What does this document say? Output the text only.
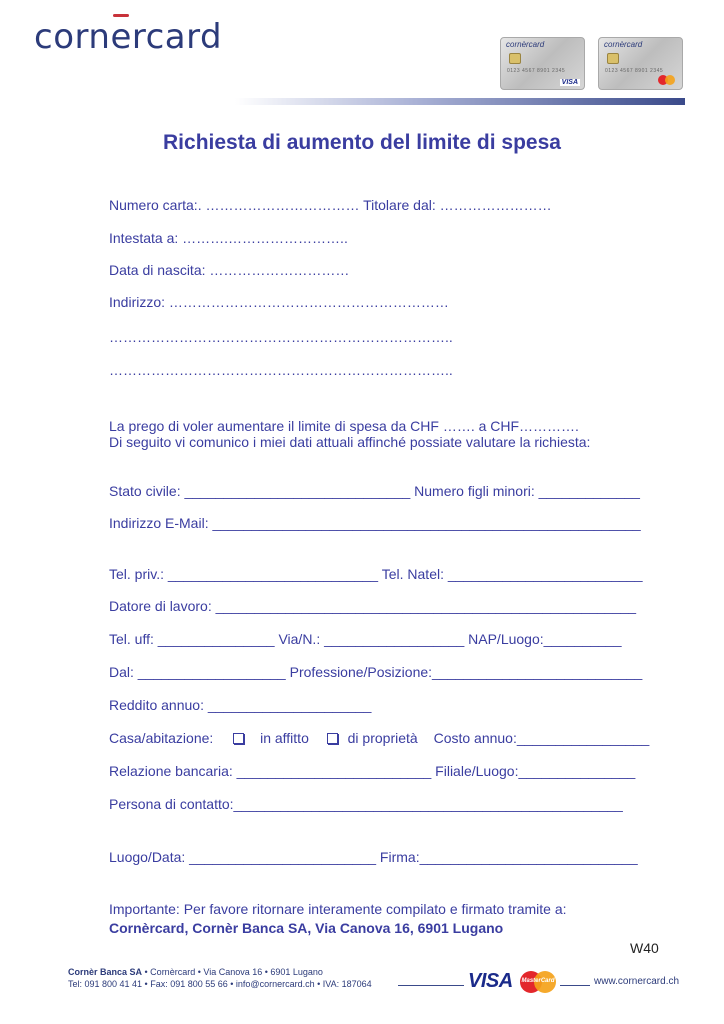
cornercard	cornèrcard
0123 4567 8901 2345
VISA
cornèrcard
0123 4567 8901 2345
Richiesta di aumento del limite di spesa
Numero carta:. …………………………… Titolare dal: ……………………
Intestata a: ……….……………………..
Data di nascita: …………………………
Indirizzo: ……………………………………………………
………………………………………………………………..
………………………………………………………………..
La prego di voler aumentare il limite di spesa da CHF ……. a CHF………….
Di seguito vi comunico i miei dati attuali affinché possiate valutare la richiesta:
Stato civile: _____________________________ Numero figli minori: _____________
Indirizzo E-Mail: _______________________________________________________
Tel. priv.: ___________________________ Tel. Natel: _________________________
Datore di lavoro: ______________________________________________________
Tel. uff: _______________ Via/N.: __________________ NAP/Luogo:__________
Dal: ___________________ Professione/Posizione:___________________________
Reddito annuo: _____________________
Casa/abitazione:	in affitto	di proprietà Costo annuo:_________________
Relazione bancaria: _________________________ Filiale/Luogo:_______________
Persona di contatto:__________________________________________________
Luogo/Data: ________________________ Firma:____________________________
Importante: Per favore ritornare interamente compilato e firmato tramite a:
Cornèrcard, Cornèr Banca SA, Via Canova 16, 6901 Lugano
W40
Cornèr Banca SA • Cornèrcard • Via Canova 16 • 6901 Lugano
Tel: 091 800 41 41 • Fax: 091 800 55 66 • info@cornercard.ch • IVA: 187064	VISA MasterCard	www.cornercard.ch
